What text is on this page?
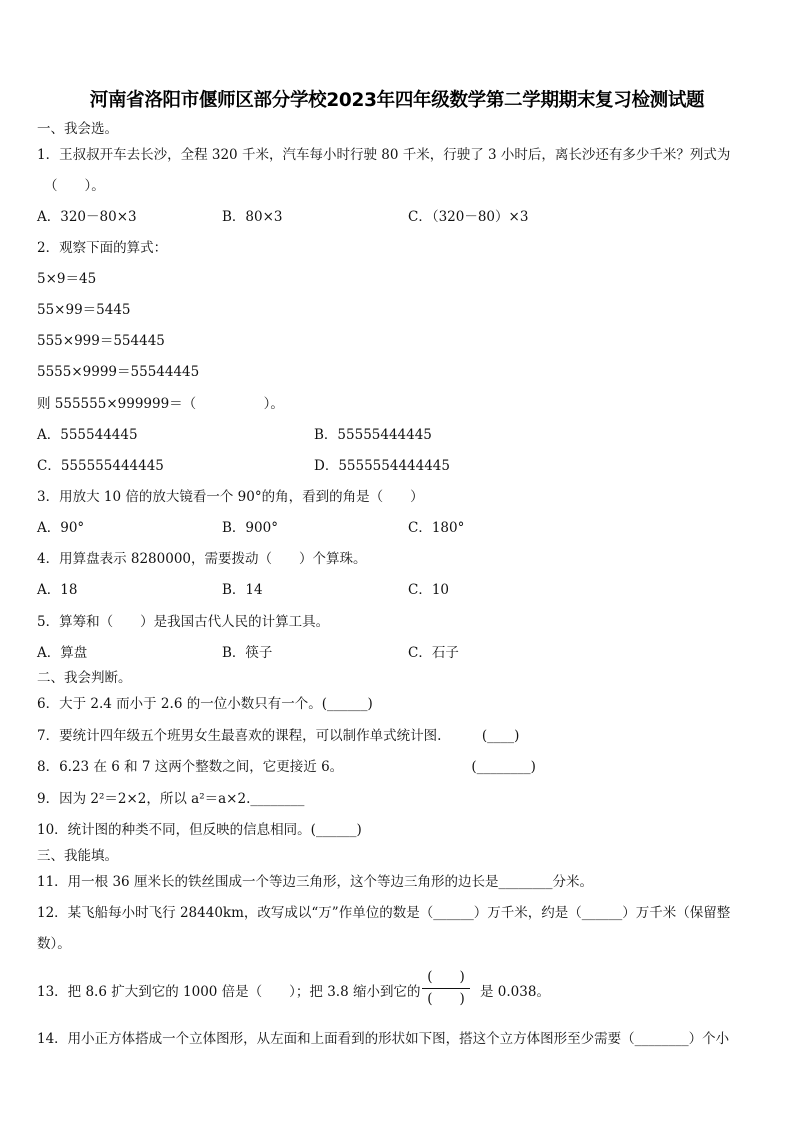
河南省洛阳市偃师区部分学校2023年四年级数学第二学期期末复习检测试题
一、我会选。
1．王叔叔开车去长沙，全程 320 千米，汽车每小时行驶 80 千米，行驶了 3 小时后，离长沙还有多少千米？列式为
（　　）。
A．320－80×3	B．80×3	C．（320－80）×3
2．观察下面的算式：
5×9＝45
55×99＝5445
555×999＝554445
5555×9999＝55544445
则 555555×999999＝（　　　　　）。
A．555544445	B．55555444445
C．555555444445	D．5555554444445
3．用放大 10 倍的放大镜看一个 90°的角，看到的角是（　　）
A．90°	B．900°	C．180°
4．用算盘表示 8280000，需要拨动（　　）个算珠。
A．18	B．14	C．10
5．算筹和（　　）是我国古代人民的计算工具。
A．算盘	B．筷子	C．石子
二、我会判断。
6．大于 2.4 而小于 2.6 的一位小数只有一个。(______)
7．要统计四年级五个班男女生最喜欢的课程，可以制作单式统计图.　　　(____)
8．6.23 在 6 和 7 这两个整数之间，它更接近 6。　　　　　　　　　　(________)
9．因为 2²＝2×2，所以 a²＝a×2.________
10．统计图的种类不同，但反映的信息相同。(______)
三、我能填。
11．用一根 36 厘米长的铁丝围成一个等边三角形，这个等边三角形的边长是________分米。
12．某飞船每小时飞行 28440km，改写成以“万”作单位的数是（______）万千米，约是（______）万千米（保留整
数）。
13．把 8.6 扩大到它的 1000 倍是（　　）；把 3.8 缩小到它的
(　　)
(　　)	是 0.038。
14．用小正方体搭成一个立体图形，从左面和上面看到的形状如下图，搭这个立方体图形至少需要（________）个小
